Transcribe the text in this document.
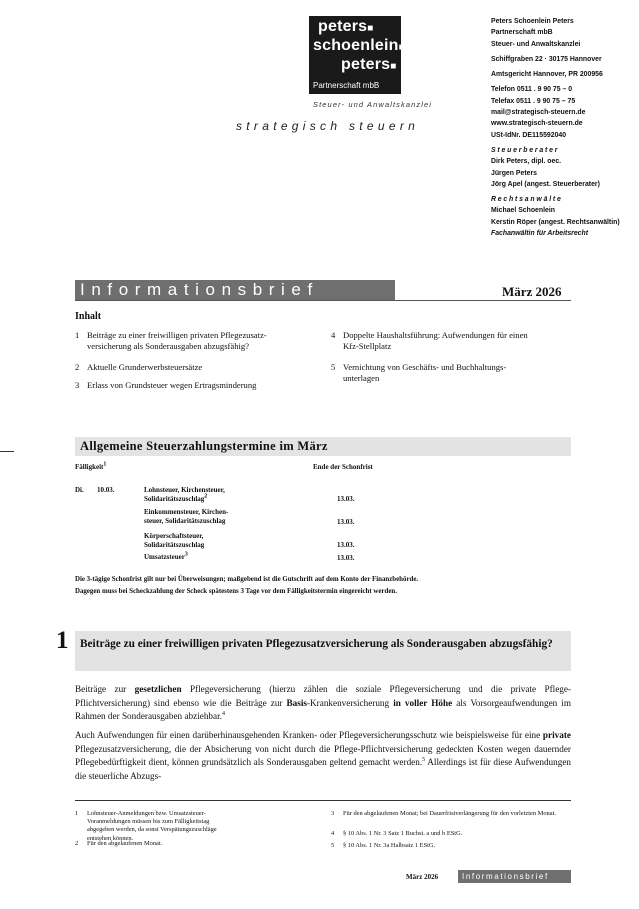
peters■
schoenlein■
peters■
Partnerschaft mbB
Steuer- und Anwaltskanzlei
strategisch steuern
Peters Schoenlein Peters
Partnerschaft mbB
Steuer- und Anwaltskanzlei
Schiffgraben 22 · 30175 Hannover
Amtsgericht Hannover, PR 200956
Telefon 0511 . 9 90 75 – 0
Telefax 0511 . 9 90 75 – 75
mail@strategisch-steuern.de
www.strategisch-steuern.de
USt-IdNr. DE115592040
Steuerberater
Dirk Peters, dipl. oec.
Jürgen Peters
Jörg Apel (angest. Steuerberater)
Rechtsanwälte
Michael Schoenlein
Kerstin Röper (angest. Rechtsanwältin)
Fachanwältin für Arbeitsrecht
Informationsbrief	März 2026
Inhalt
1 Beiträge zu einer freiwilligen privaten Pflegezusatz-
versicherung als Sonderausgaben abzugsfähig?
2 Aktuelle Grunderwerbsteuersätze
3 Erlass von Grundsteuer wegen Ertragsminderung
4 Doppelte Haushaltsführung: Aufwendungen für einen
Kfz-Stellplatz
5 Vernichtung von Geschäfts- und Buchhaltungs-
unterlagen
Allgemeine Steuerzahlungstermine im März
Fälligkeit$^1$	Ende der Schonfrist
Di. 10.03.	Lohnsteuer, Kirchensteuer,
Solidaritätszuschlag$^2$	13.03.
Einkommensteuer, Kirchen-
steuer, Solidaritätszuschlag	13.03.
Körperschaftsteuer,
Solidaritätszuschlag	13.03.
Umsatzsteuer$^3$	13.03.
Die 3-tägige Schonfrist gilt nur bei Überweisungen; maßgebend ist die Gutschrift auf dem Konto der Finanzbehörde.
Dagegen muss bei Scheckzahlung der Scheck spätestens 3 Tage vor dem Fälligkeitstermin eingereicht werden.
1 Beiträge zu einer freiwilligen privaten Pflegezusatzversicherung als Sonderausgaben abzugsfähig?
Beiträge zur gesetzlichen Pflegeversicherung (hierzu zählen die soziale Pflegeversicherung und die private Pflege-Pflichtversicherung) sind ebenso wie die Beiträge zur Basis-Krankenversicherung in voller Höhe als Vorsorgeaufwendungen im Rahmen der Sonderausgaben abziehbar.$^4$
Auch Aufwendungen für einen darüberhinausgehenden Kranken- oder Pflegeversicherungsschutz wie beispielsweise für eine private Pflegezusatzversicherung, die der Absicherung von nicht durch die Pflege-Pflichtversicherung gedeckten Kosten wegen dauernder Pflegebedürftigkeit dient, können grundsätzlich als Sonderausgaben geltend gemacht werden.$^5$ Allerdings ist für diese Aufwendungen die steuerliche Abzugs-
1 Lohnsteuer-Anmeldungen bzw. Umsatzsteuer-Voranmeldungen müssen bis zum Fälligkeitstag abgegeben werden, da sonst Verspätungszuschläge entstehen können.
2 Für den abgelaufenen Monat.
3 Für den abgelaufenen Monat; bei Dauerfristverlängerung für den vorletzten Monat.
4 § 10 Abs. 1 Nr. 3 Satz 1 Buchst. a und b EStG.
5 § 10 Abs. 1 Nr. 3a Halbsatz 1 EStG.
März 2026	Informationsbrief
